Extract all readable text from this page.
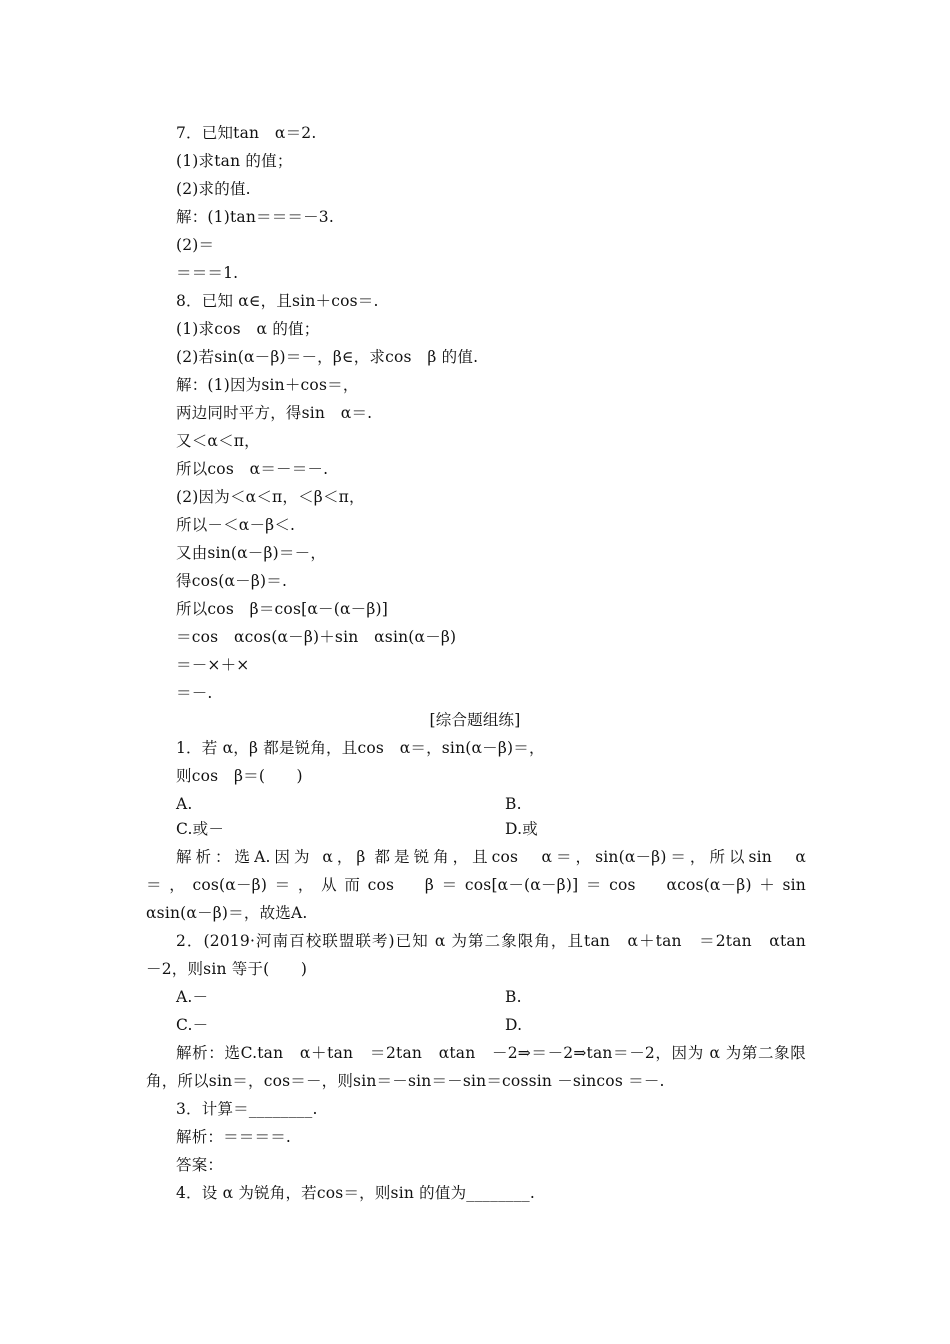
7．已知tan　α＝2.
(1)求tan 的值；
(2)求的值.
解：(1)tan＝＝＝－3.
(2)＝
＝＝＝1.
8．已知 α∈，且sin＋cos＝.
(1)求cos　α 的值；
(2)若sin(α－β)＝－，β∈，求cos　β 的值.
解：(1)因为sin＋cos＝，
两边同时平方，得sin　α＝.
又＜α＜π，
所以cos　α＝－＝－.
(2)因为＜α＜π，＜β＜π，
所以－＜α－β＜.
又由sin(α－β)＝－，
得cos(α－β)＝.
所以cos　β＝cos[α－(α－β)]
＝cos　αcos(α－β)＋sin　αsin(α－β)
＝－×＋×
＝－.
[综合题组练]
1．若 α，β 都是锐角，且cos　α＝，sin(α－β)＝，
则cos　β＝(　　)
A.	B.
C.或－	D.或
解析：选A.因为 α，β 都是锐角，且cos　α＝，sin(α－β)＝，所以sin　α
＝，cos(α－β)＝，从而cos　β＝cos[α－(α－β)]＝cos　αcos(α－β)＋sin
αsin(α－β)＝，故选A.
2．(2019·河南百校联盟联考)已知 α 为第二象限角，且tan　α＋tan　＝2tan　αtan
－2，则sin 等于(　　)
A.－	B.
C.－	D.
解析：选C.tan　α＋tan　＝2tan　αtan　－2⇒＝－2⇒tan＝－2，因为 α 为第二象限
角，所以sin＝，cos＝－，则sin＝－sin＝－sin＝cossin －sincos ＝－.
3．计算＝________.
解析：＝＝＝＝.
答案：
4．设 α 为锐角，若cos＝，则sin 的值为________.
